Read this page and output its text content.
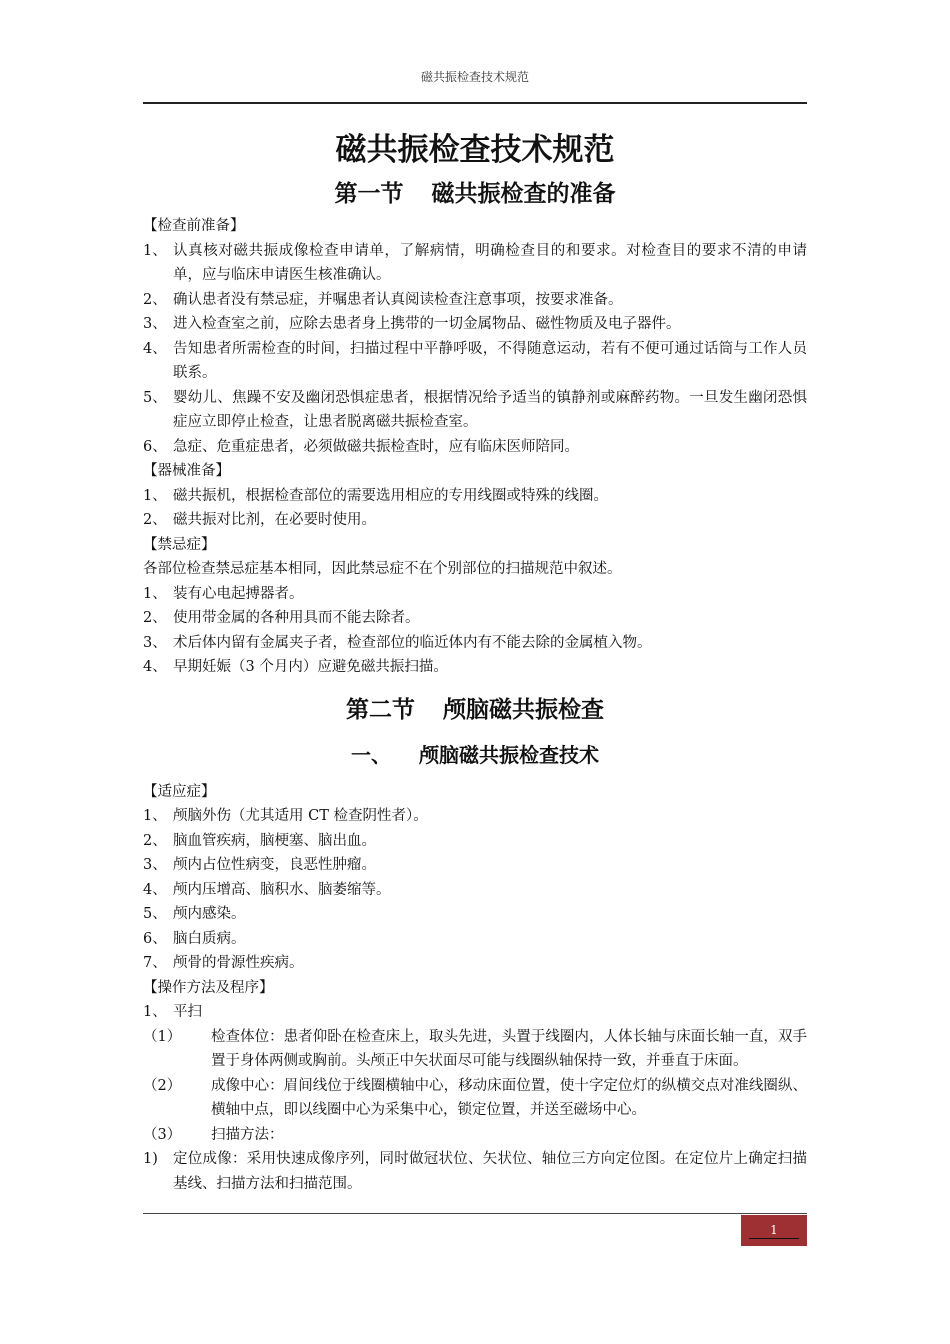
磁共振检查技术规范
磁共振检查技术规范
第一节 磁共振检查的准备
【检查前准备】
1、 认真核对磁共振成像检查申请单，了解病情，明确检查目的和要求。对检查目的要求不清的申请单，应与临床申请医生核准确认。
2、 确认患者没有禁忌症，并嘱患者认真阅读检查注意事项，按要求准备。
3、 进入检查室之前，应除去患者身上携带的一切金属物品、磁性物质及电子器件。
4、 告知患者所需检查的时间，扫描过程中平静呼吸，不得随意运动，若有不便可通过话筒与工作人员联系。
5、 婴幼儿、焦躁不安及幽闭恐惧症患者，根据情况给予适当的镇静剂或麻醉药物。一旦发生幽闭恐惧症应立即停止检查，让患者脱离磁共振检查室。
6、 急症、危重症患者，必须做磁共振检查时，应有临床医师陪同。
【器械准备】
1、 磁共振机，根据检查部位的需要选用相应的专用线圈或特殊的线圈。
2、 磁共振对比剂，在必要时使用。
【禁忌症】
各部位检查禁忌症基本相同，因此禁忌症不在个别部位的扫描规范中叙述。
1、 装有心电起搏器者。
2、 使用带金属的各种用具而不能去除者。
3、 术后体内留有金属夹子者，检查部位的临近体内有不能去除的金属植入物。
4、 早期妊娠（3 个月内）应避免磁共振扫描。
第二节 颅脑磁共振检查
一、 颅脑磁共振检查技术
【适应症】
1、 颅脑外伤（尤其适用 CT 检查阴性者）。
2、 脑血管疾病，脑梗塞、脑出血。
3、 颅内占位性病变，良恶性肿瘤。
4、 颅内压增高、脑积水、脑萎缩等。
5、 颅内感染。
6、 脑白质病。
7、 颅骨的骨源性疾病。
【操作方法及程序】
1、 平扫
（1）	检查体位：患者仰卧在检查床上，取头先进，头置于线圈内，人体长轴与床面长轴一直，双手置于身体两侧或胸前。头颅正中矢状面尽可能与线圈纵轴保持一致，并垂直于床面。
（2）	成像中心：眉间线位于线圈横轴中心，移动床面位置，使十字定位灯的纵横交点对准线圈纵、横轴中点，即以线圈中心为采集中心，锁定位置，并送至磁场中心。
（3）	扫描方法：
1)	定位成像：采用快速成像序列，同时做冠状位、矢状位、轴位三方向定位图。在定位片上确定扫描基线、扫描方法和扫描范围。
1
